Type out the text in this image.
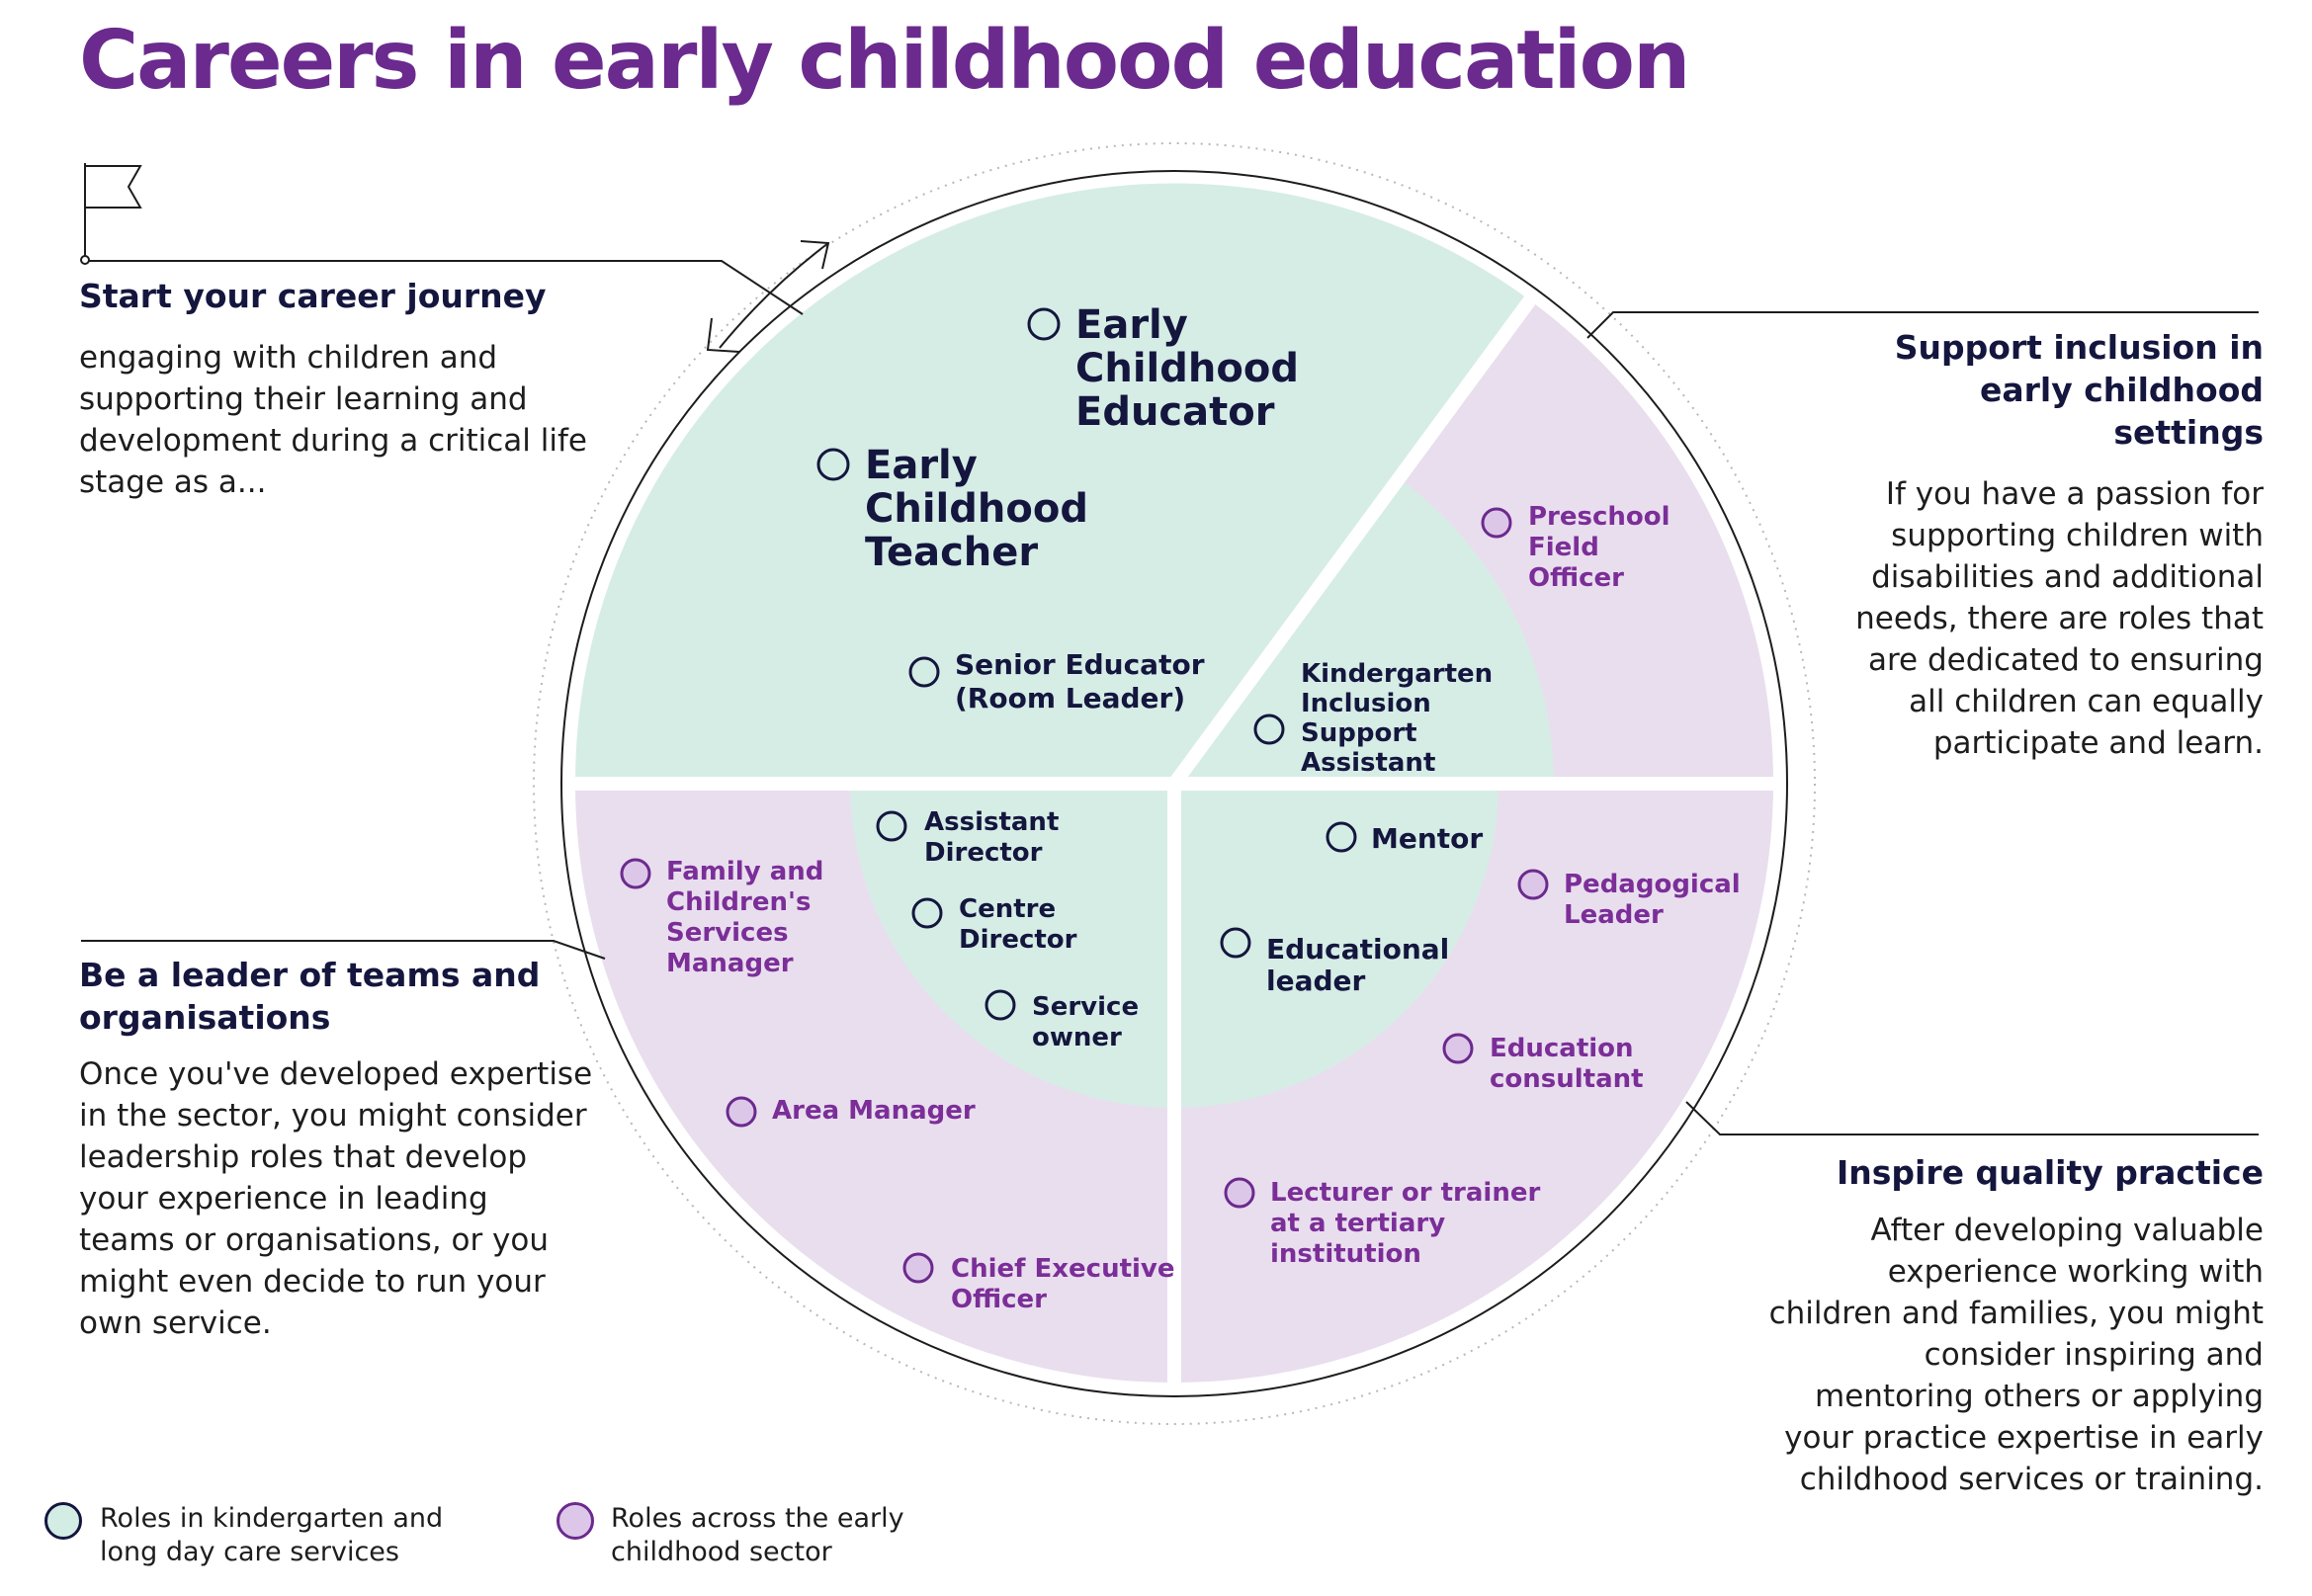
Early Childhood Educator
Early Childhood Teacher
Senior Educator (Room Leader)
Kindergarten Inclusion Support Assistant
Preschool Field Officer
Assistant Director
Centre Director
Service owner
Family and Children's Services Manager
Area Manager
Chief Executive Officer
Mentor
Educational leader
Pedagogical Leader
Education consultant
Lecturer or trainer at a tertiary institution
Careers in early childhood education
Start your career journey

engaging with children and supporting their learning and development during a critical life stage as a...

Support inclusion in early childhood settings

If you have a passion for supporting children with disabilities and additional needs, there are roles that are dedicated to ensuring all children can equally participate and learn.

Be a leader of teams and organisations

Once you've developed expertise in the sector, you might consider leadership roles that develop your experience in leading teams or organisations, or you might even decide to run your own service.

Inspire quality practice

After developing valuable experience working with children and families, you might consider inspiring and mentoring others or applying your practice expertise in early childhood services or training.

Roles in kindergarten and long day care services
Roles across the early childhood sector
